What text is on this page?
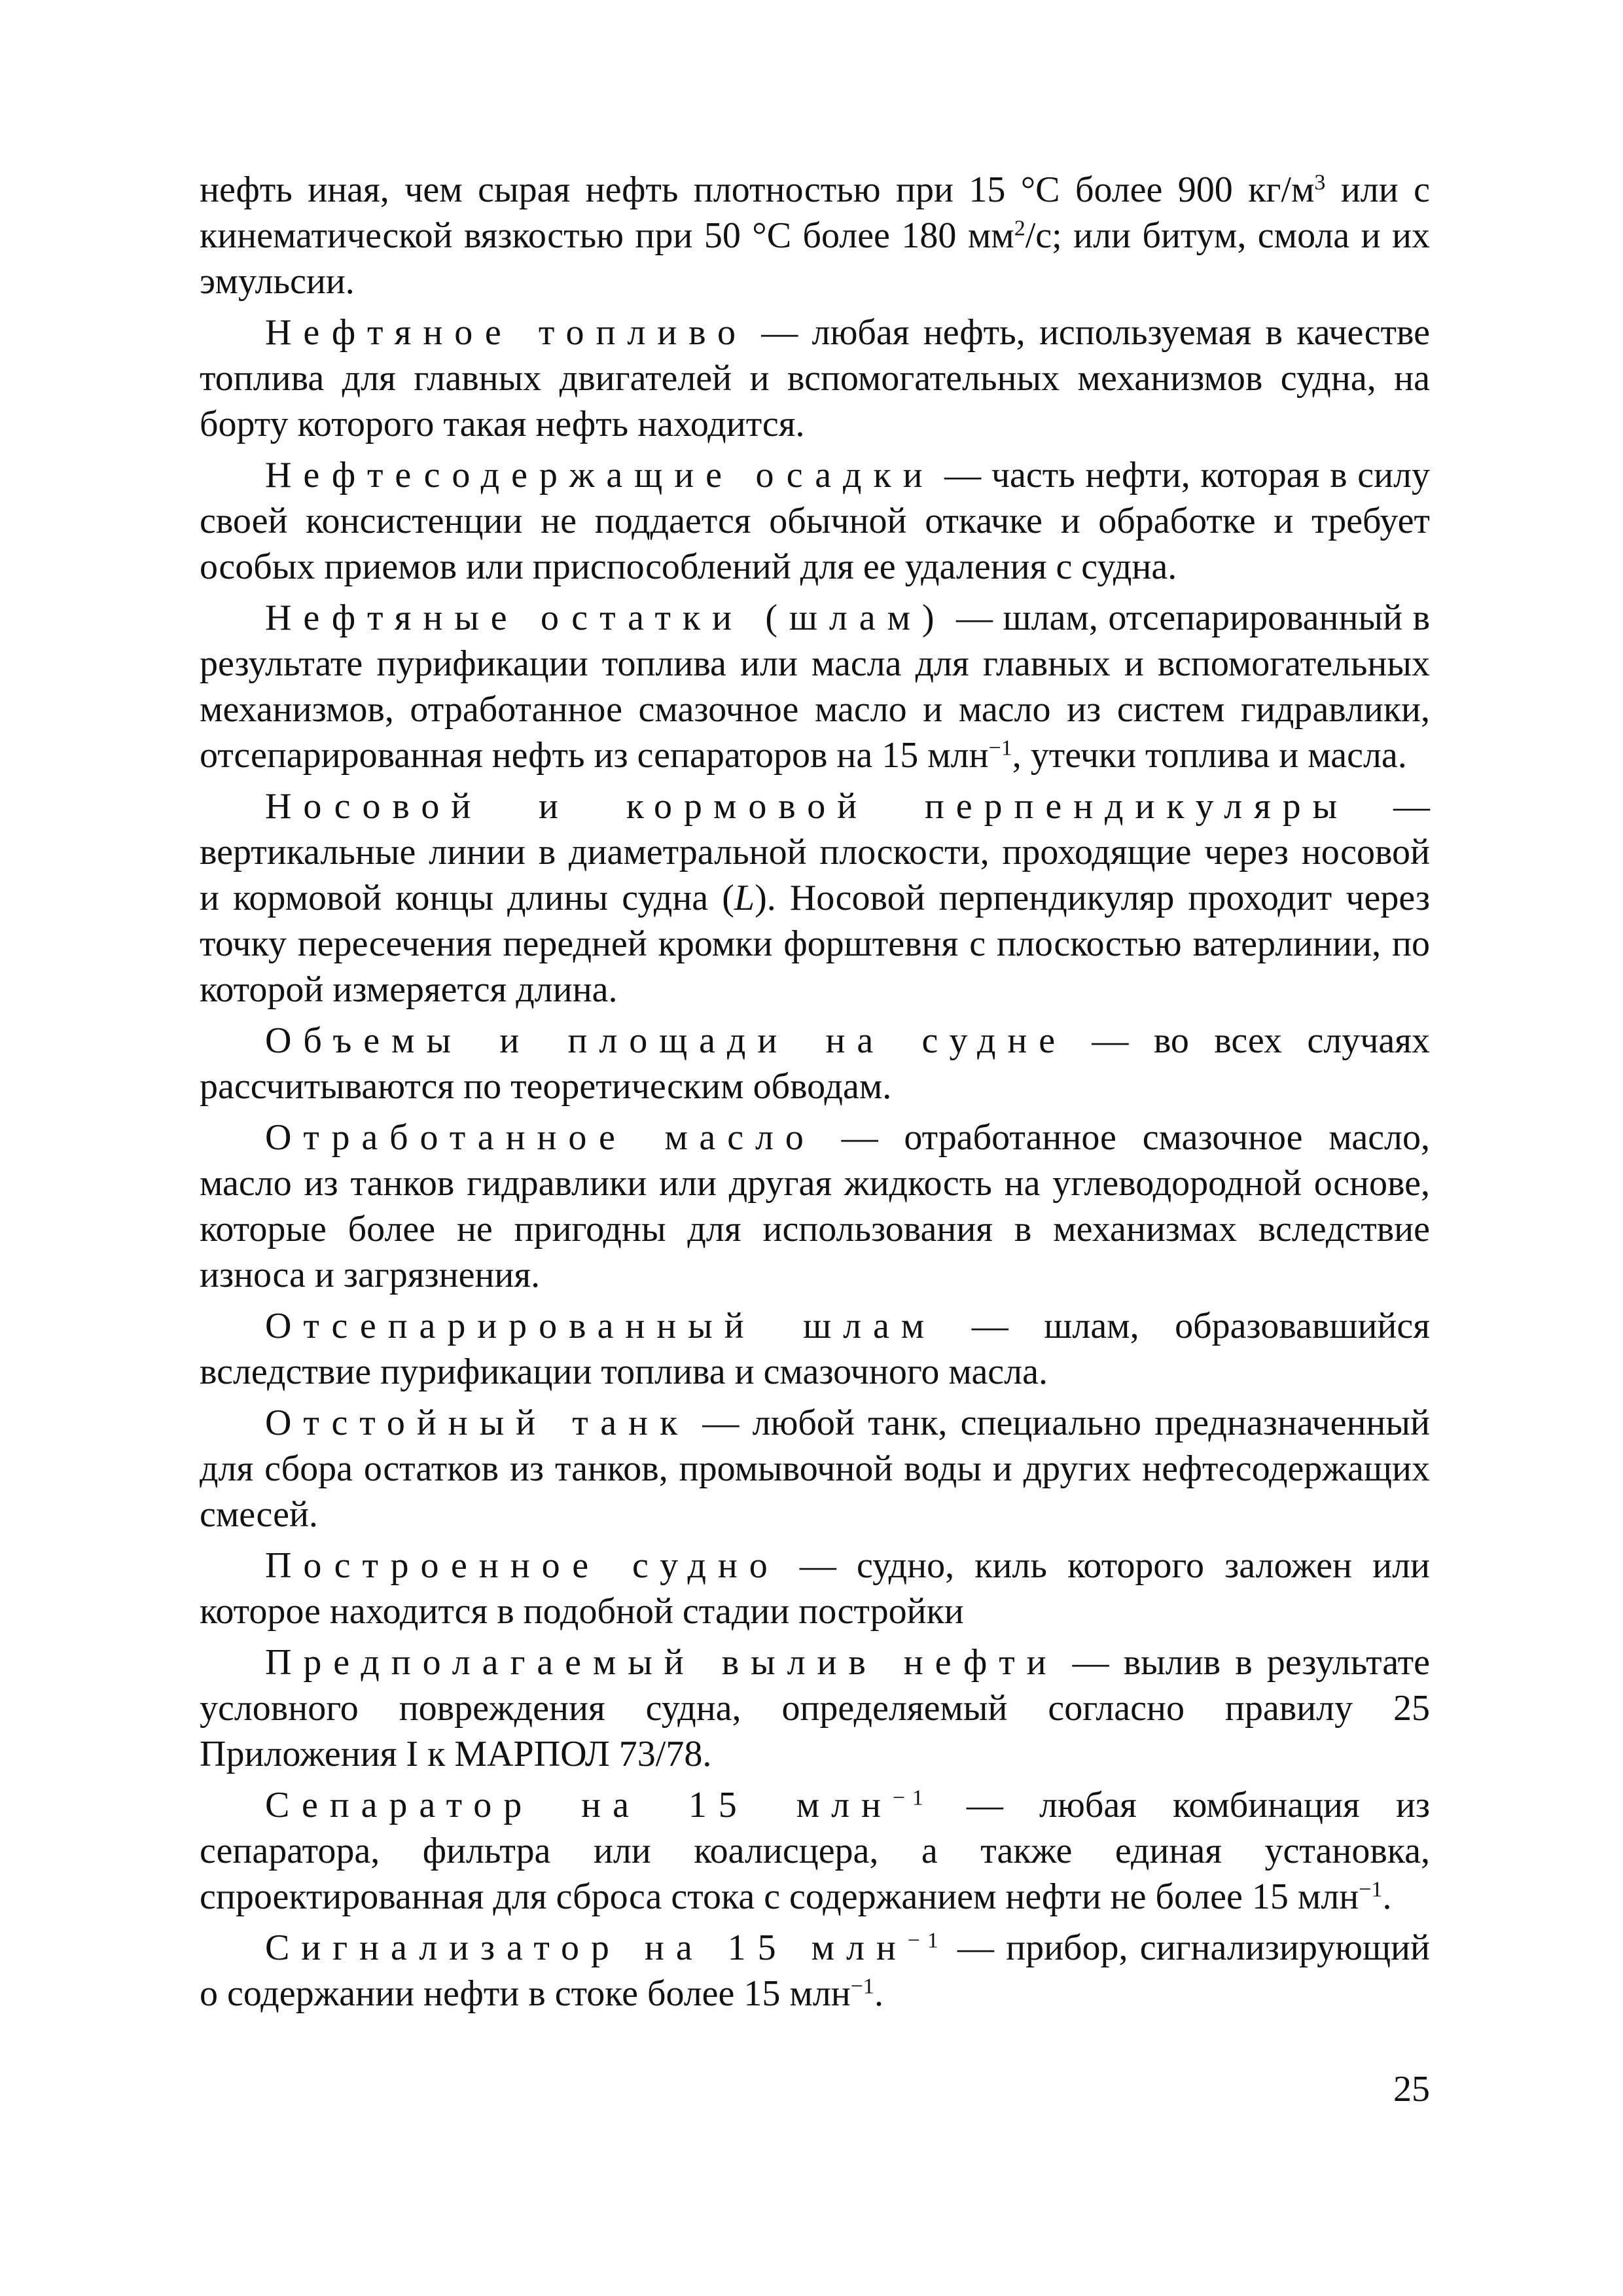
нефть иная, чем сырая нефть плотностью при 15 °С более 900 $кг/м^3$ или с кинематической вязкостью при 50 °С более 180 $мм^2/с$; или битум, смола и их эмульсии.

Нефтяное топливо — любая нефть, используемая в качестве топлива для главных двигателей и вспомогательных механизмов судна, на борту которого такая нефть находится.

Нефтесодержащие осадки — часть нефти, которая в силу своей консистенции не поддается обычной откачке и обработке и требует особых приемов или приспособлений для ее удаления с судна.

Нефтяные остатки (шлам) — шлам, отсепарированный в результате пурификации топлива или масла для главных и вспомогательных механизмов, отработанное смазочное масло и масло из систем гидравлики, отсепарированная нефть из сепараторов на 15 млн$^{-1}$, утечки топлива и масла.

Носовой и кормовой перпендикуляры — вертикальные линии в диаметральной плоскости, проходящие через носовой и кормовой концы длины судна (L). Носовой перпендикуляр проходит через точку пересечения передней кромки форштевня с плоскостью ватерлинии, по которой измеряется длина.

Объемы и площади на судне — во всех случаях рассчитываются по теоретическим обводам.

Отработанное масло — отработанное смазочное масло, масло из танков гидравлики или другая жидкость на углеводородной основе, которые более не пригодны для использования в механизмах вследствие износа и загрязнения.

Отсепарированный шлам — шлам, образовавшийся вследствие пурификации топлива и смазочного масла.

Отстойный танк — любой танк, специально предназначенный для сбора остатков из танков, промывочной воды и других нефтесодержащих смесей.

Построенное судно — судно, киль которого заложен или которое находится в подобной стадии постройки

Предполагаемый вылив нефти — вылив в результате условного повреждения судна, определяемый согласно правилу 25 Приложения I к МАРПОЛ 73/78.

Сепаратор на 15 млн$^{-1}$ — любая комбинация из сепаратора, фильтра или коалисцера, а также единая установка, спроектированная для сброса стока с содержанием нефти не более 15 млн$^{-1}$.

Сигнализатор на 15 млн$^{-1}$ — прибор, сигнализирующий о содержании нефти в стоке более 15 млн$^{-1}$.

25
